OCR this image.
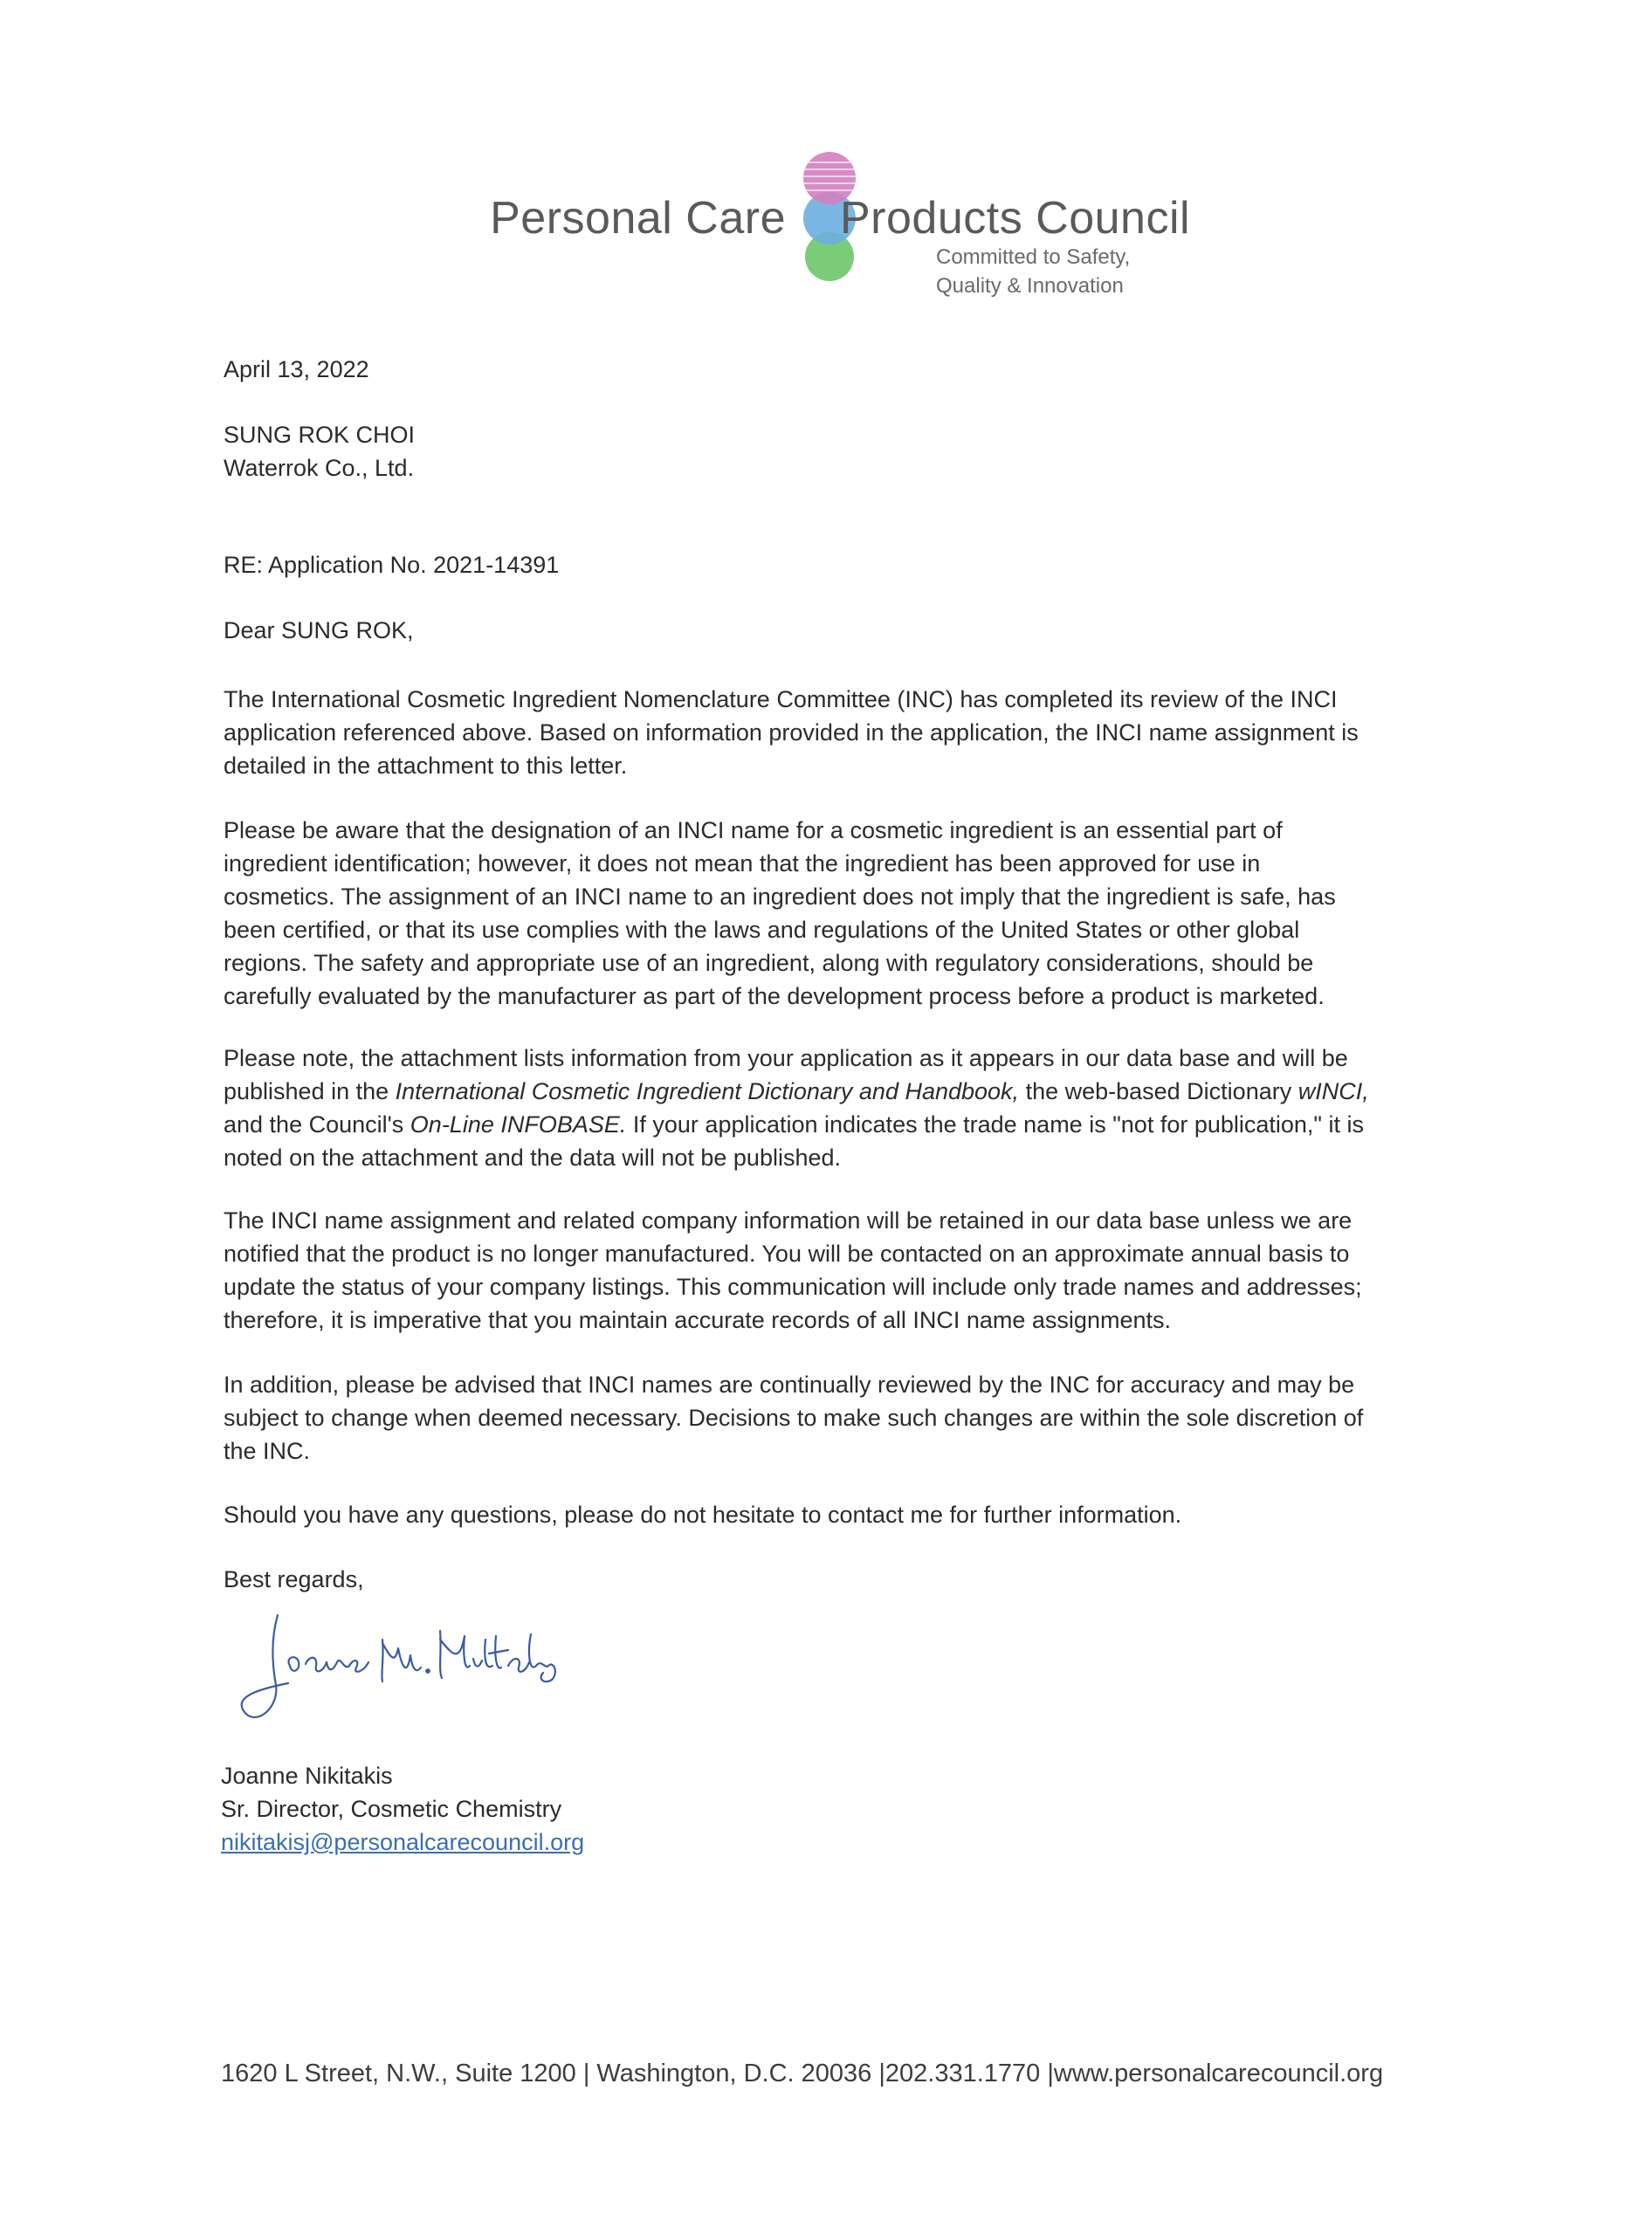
Personal Care Products Council
Committed to Safety,
Quality & Innovation
April 13, 2022
SUNG ROK CHOI
Waterrok Co., Ltd.
RE: Application No. 2021-14391
Dear SUNG ROK,
The International Cosmetic Ingredient Nomenclature Committee (INC) has completed its review of the INCI
application referenced above. Based on information provided in the application, the INCI name assignment is
detailed in the attachment to this letter.
Please be aware that the designation of an INCI name for a cosmetic ingredient is an essential part of
ingredient identification; however, it does not mean that the ingredient has been approved for use in
cosmetics. The assignment of an INCI name to an ingredient does not imply that the ingredient is safe, has
been certified, or that its use complies with the laws and regulations of the United States or other global
regions. The safety and appropriate use of an ingredient, along with regulatory considerations, should be
carefully evaluated by the manufacturer as part of the development process before a product is marketed.
Please note, the attachment lists information from your application as it appears in our data base and will be
published in the International Cosmetic Ingredient Dictionary and Handbook, the web-based Dictionary wINCI,
and the Council's On-Line INFOBASE. If your application indicates the trade name is "not for publication," it is
noted on the attachment and the data will not be published.
The INCI name assignment and related company information will be retained in our data base unless we are
notified that the product is no longer manufactured. You will be contacted on an approximate annual basis to
update the status of your company listings. This communication will include only trade names and addresses;
therefore, it is imperative that you maintain accurate records of all INCI name assignments.
In addition, please be advised that INCI names are continually reviewed by the INC for accuracy and may be
subject to change when deemed necessary. Decisions to make such changes are within the sole discretion of
the INC.
Should you have any questions, please do not hesitate to contact me for further information.
Best regards,
Joanne Nikitakis
Sr. Director, Cosmetic Chemistry
nikitakisj@personalcarecouncil.org
1620 L Street, N.W., Suite 1200 | Washington, D.C. 20036 |202.331.1770 |www.personalcarecouncil.org
